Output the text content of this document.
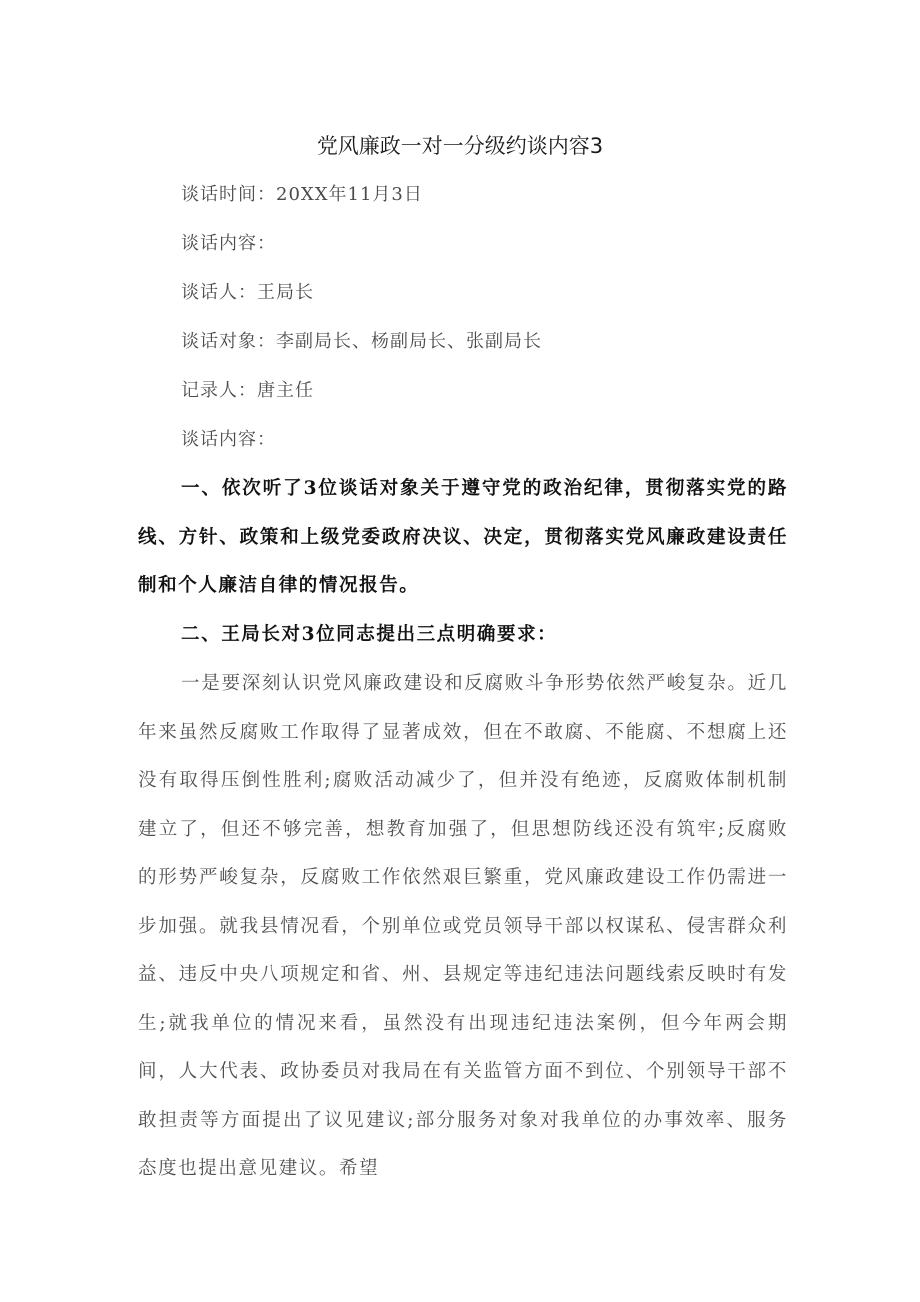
党风廉政一对一分级约谈内容3

谈话时间：20XX年11月3日

谈话内容：

谈话人：王局长

谈话对象：李副局长、杨副局长、张副局长

记录人：唐主任

谈话内容：

一、依次听了3位谈话对象关于遵守党的政治纪律，贯彻落实党的路线、方针、政策和上级党委政府决议、决定，贯彻落实党风廉政建设责任制和个人廉洁自律的情况报告。

二、王局长对3位同志提出三点明确要求：

一是要深刻认识党风廉政建设和反腐败斗争形势依然严峻复杂。近几年来虽然反腐败工作取得了显著成效，但在不敢腐、不能腐、不想腐上还没有取得压倒性胜利;腐败活动减少了，但并没有绝迹，反腐败体制机制建立了，但还不够完善，想教育加强了，但思想防线还没有筑牢;反腐败的形势严峻复杂，反腐败工作依然艰巨繁重，党风廉政建设工作仍需进一步加强。就我县情况看，个别单位或党员领导干部以权谋私、侵害群众利益、违反中央八项规定和省、州、县规定等违纪违法问题线索反映时有发生;就我单位的情况来看，虽然没有出现违纪违法案例，但今年两会期间，人大代表、政协委员对我局在有关监管方面不到位、个别领导干部不敢担责等方面提出了议见建议;部分服务对象对我单位的办事效率、服务态度也提出意见建议。希望
